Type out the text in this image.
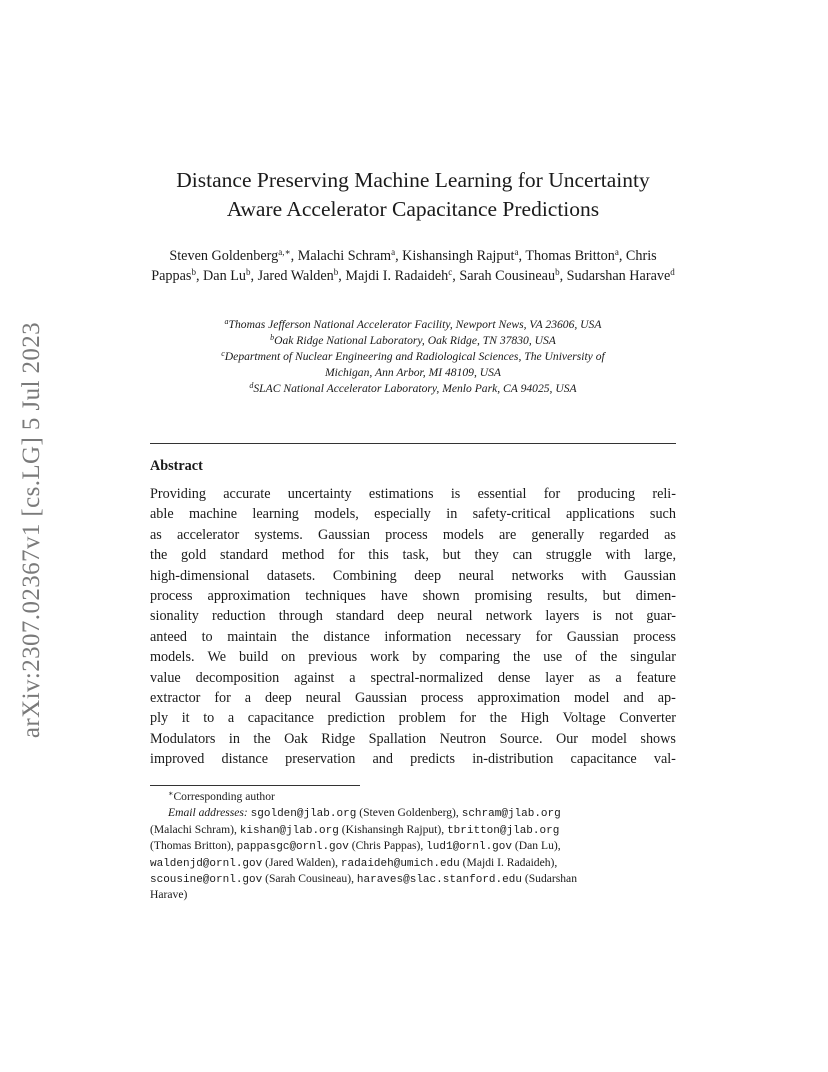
arXiv:2307.02367v1 [cs.LG] 5 Jul 2023
Distance Preserving Machine Learning for Uncertainty
Aware Accelerator Capacitance Predictions
Steven Goldenberg$^{a,∗}$, Malachi Schram$^a$, Kishansingh Rajput$^a$, Thomas Britton$^a$, Chris Pappas$^b$, Dan Lu$^b$, Jared Walden$^b$, Majdi I. Radaideh$^c$, Sarah Cousineau$^b$, Sudarshan Harave$^d$
$^a$Thomas Jefferson National Accelerator Facility, Newport News, VA 23606, USA
$^b$Oak Ridge National Laboratory, Oak Ridge, TN 37830, USA
$^c$Department of Nuclear Engineering and Radiological Sciences, The University of
Michigan, Ann Arbor, MI 48109, USA
$^d$SLAC National Accelerator Laboratory, Menlo Park, CA 94025, USA
Abstract
Providing accurate uncertainty estimations is essential for producing reli-
able machine learning models, especially in safety-critical applications such
as accelerator systems. Gaussian process models are generally regarded as
the gold standard method for this task, but they can struggle with large,
high-dimensional datasets. Combining deep neural networks with Gaussian
process approximation techniques have shown promising results, but dimen-
sionality reduction through standard deep neural network layers is not guar-
anteed to maintain the distance information necessary for Gaussian process
models. We build on previous work by comparing the use of the singular
value decomposition against a spectral-normalized dense layer as a feature
extractor for a deep neural Gaussian process approximation model and ap-
ply it to a capacitance prediction problem for the High Voltage Converter
Modulators in the Oak Ridge Spallation Neutron Source. Our model shows
improved distance preservation and predicts in-distribution capacitance val-
∗Corresponding author
Email addresses: sgolden@jlab.org (Steven Goldenberg), schram@jlab.org
(Malachi Schram), kishan@jlab.org (Kishansingh Rajput), tbritton@jlab.org
(Thomas Britton), pappasgc@ornl.gov (Chris Pappas), lud1@ornl.gov (Dan Lu),
waldenjd@ornl.gov (Jared Walden), radaideh@umich.edu (Majdi I. Radaideh),
scousine@ornl.gov (Sarah Cousineau), haraves@slac.stanford.edu (Sudarshan
Harave)
